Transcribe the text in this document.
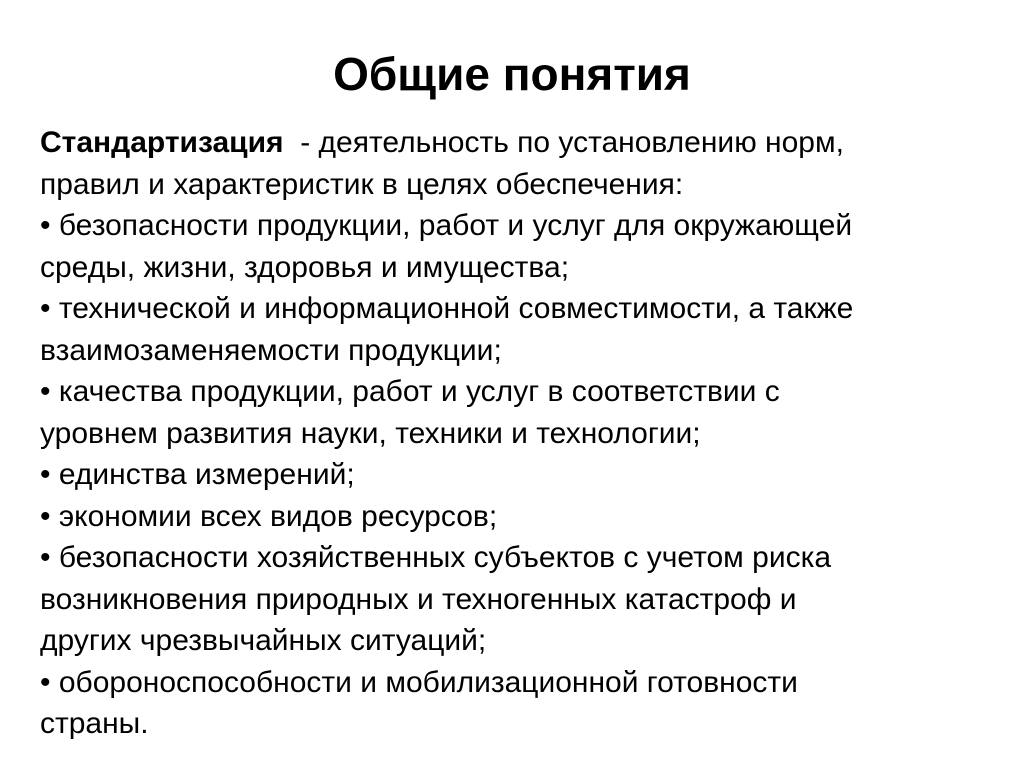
Общие понятия
Стандартизация  - деятельность по установлению норм,
правил и характеристик в целях обеспечения:
• безопасности продукции, работ и услуг для окружающей
среды, жизни, здоровья и имущества;
• технической и информационной совместимости, а также
взаимозаменяемости продукции;
• качества продукции, работ и услуг в соответствии с
уровнем развития науки, техники и технологии;
• единства измерений;
• экономии всех видов ресурсов;
• безопасности хозяйственных субъектов с учетом риска
возникновения природных и техногенных катастроф и
других чрезвычайных ситуаций;
• обороноспособности и мобилизационной готовности
страны.
